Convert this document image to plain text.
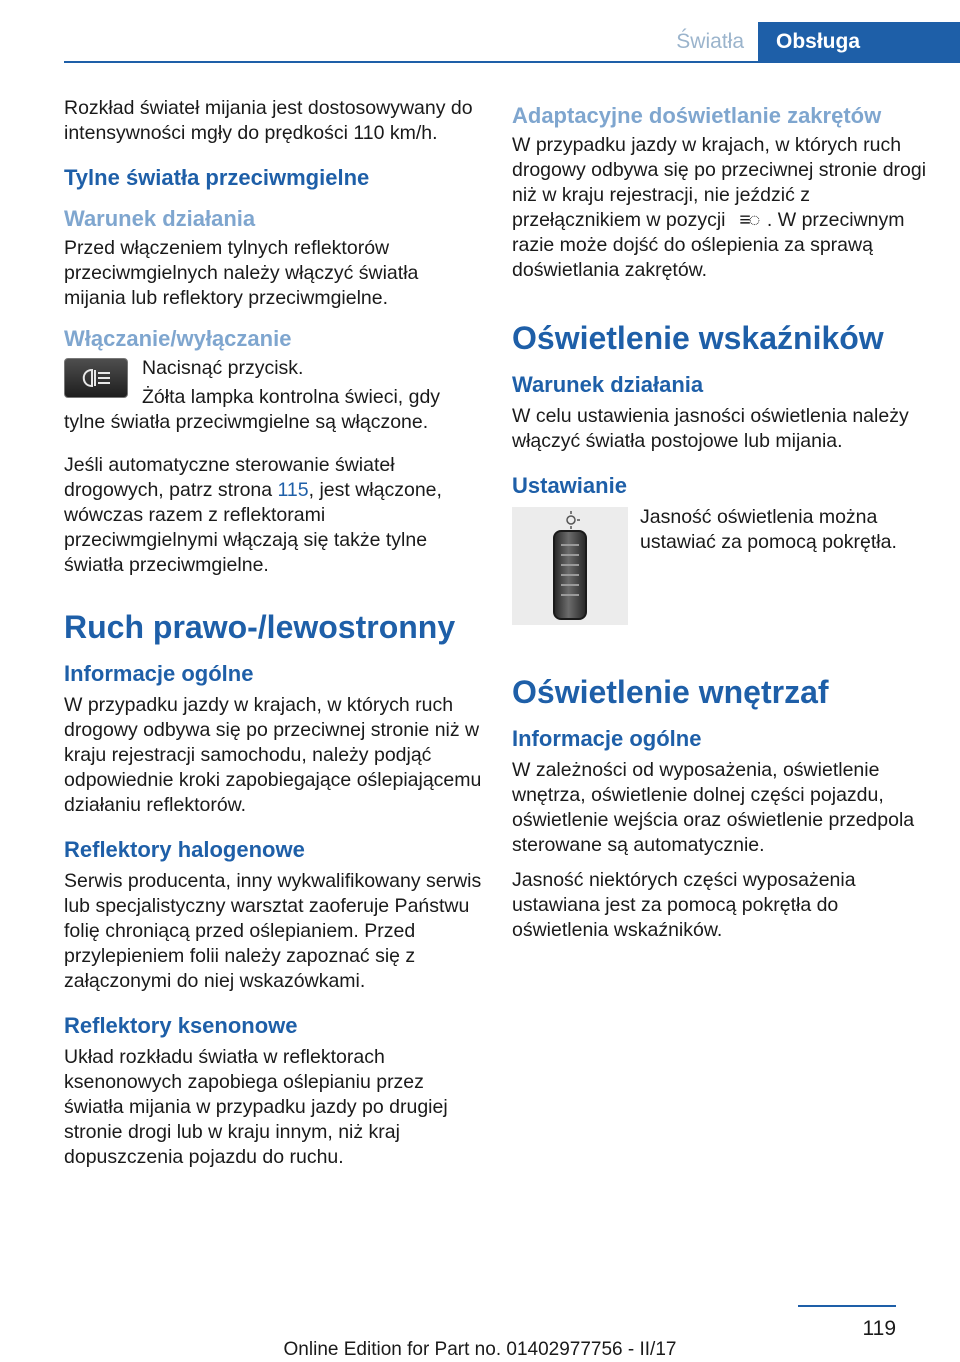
Światła	Obsługa

Rozkład świateł mijania jest dostosowywany do intensywności mgły do prędkości 110 km/h.

Tylne światła przeciwmgielne
Warunek działania

Przed włączeniem tylnych reflektorów przeciwmgielnych należy włączyć światła mijania lub reflektory przeciwmgielne.

Włączanie/wyłączanie

Nacisnąć przycisk.

Żółta lampka kontrolna świeci, gdy tylne światła przeciwmgielne są włączone.

Jeśli automatyczne sterowanie świateł drogowych, patrz strona 115, jest włączone, wówczas razem z reflektorami przeciwmgielnymi włączają się także tylne światła przeciwmgielne.

Ruch prawo-/lewostronny
Informacje ogólne

W przypadku jazdy w krajach, w których ruch drogowy odbywa się po przeciwnej stronie niż w kraju rejestracji samochodu, należy podjąć odpowiednie kroki zapobiegające oślepiającemu działaniu reflektorów.

Reflektory halogenowe

Serwis producenta, inny wykwalifikowany serwis lub specjalistyczny warsztat zaoferuje Państwu folię chroniącą przed oślepianiem. Przed przylepieniem folii należy zapoznać się z załączonymi do niej wskazówkami.

Reflektory ksenonowe

Układ rozkładu światła w reflektorach ksenonowych zapobiega oślepianiu przez światła mijania w przypadku jazdy po drugiej stronie drogi lub w kraju innym, niż kraj dopuszczenia pojazdu do ruchu.

Adaptacyjne doświetlanie zakrętów

W przypadku jazdy w krajach, w których ruch drogowy odbywa się po przeciwnej stronie drogi niż w kraju rejestracji, nie jeździć z przełącznikiem w pozycji ≡◌ . W przeciwnym razie może dojść do oślepienia za sprawą doświetlania zakrętów.

Oświetlenie wskaźników
Warunek działania

W celu ustawienia jasności oświetlenia należy włączyć światła postojowe lub mijania.

Ustawianie

Jasność oświetlenia można ustawiać za pomocą pokrętła.

Oświetlenie wnętrzaf
Informacje ogólne

W zależności od wyposażenia, oświetlenie wnętrza, oświetlenie dolnej części pojazdu, oświetlenie wejścia oraz oświetlenie przedpola sterowane są automatycznie.

Jasność niektórych części wyposażenia ustawiana jest za pomocą pokrętła do oświetlenia wskaźników.

119
Online Edition for Part no. 01402977756 - II/17
